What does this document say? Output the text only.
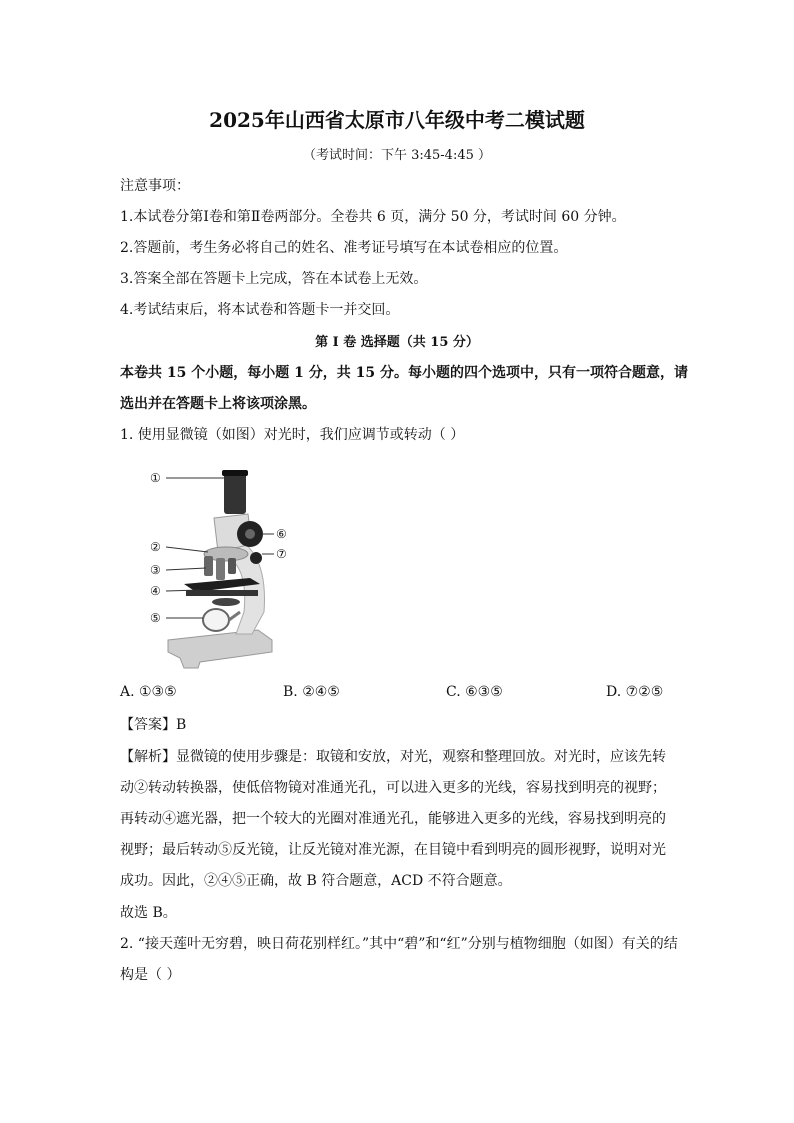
2025年山西省太原市八年级中考二模试题
（考试时间：下午 3:45-4:45 ）
注意事项：
1.本试卷分第Ⅰ卷和第Ⅱ卷两部分。全卷共 6 页，满分 50 分，考试时间 60 分钟。
2.答题前，考生务必将自己的姓名、准考证号填写在本试卷相应的位置。
3.答案全部在答题卡上完成，答在本试卷上无效。
4.考试结束后，将本试卷和答题卡一并交回。
第 I 卷 选择题（共 15 分）
本卷共 15 个小题，每小题 1 分，共 15 分。每小题的四个选项中，只有一项符合题意，请
选出并在答题卡上将该项涂黑。
1. 使用显微镜（如图）对光时，我们应调节或转动（ ）
①
②
③
④
⑤
⑥
⑦
A. ①③⑤	B. ②④⑤	C. ⑥③⑤	D. ⑦②⑤
【答案】B
【解析】显微镜的使用步骤是：取镜和安放，对光，观察和整理回放。对光时，应该先转
动②转动转换器，使低倍物镜对准通光孔，可以进入更多的光线，容易找到明亮的视野；
再转动④遮光器，把一个较大的光圈对准通光孔，能够进入更多的光线，容易找到明亮的
视野；最后转动⑤反光镜，让反光镜对准光源，在目镜中看到明亮的圆形视野，说明对光
成功。因此，②④⑤正确，故 B 符合题意，ACD 不符合题意。
故选 B。
2. “接天莲叶无穷碧，映日荷花别样红。”其中“碧”和“红”分别与植物细胞（如图）有关的结
构是（ ）
